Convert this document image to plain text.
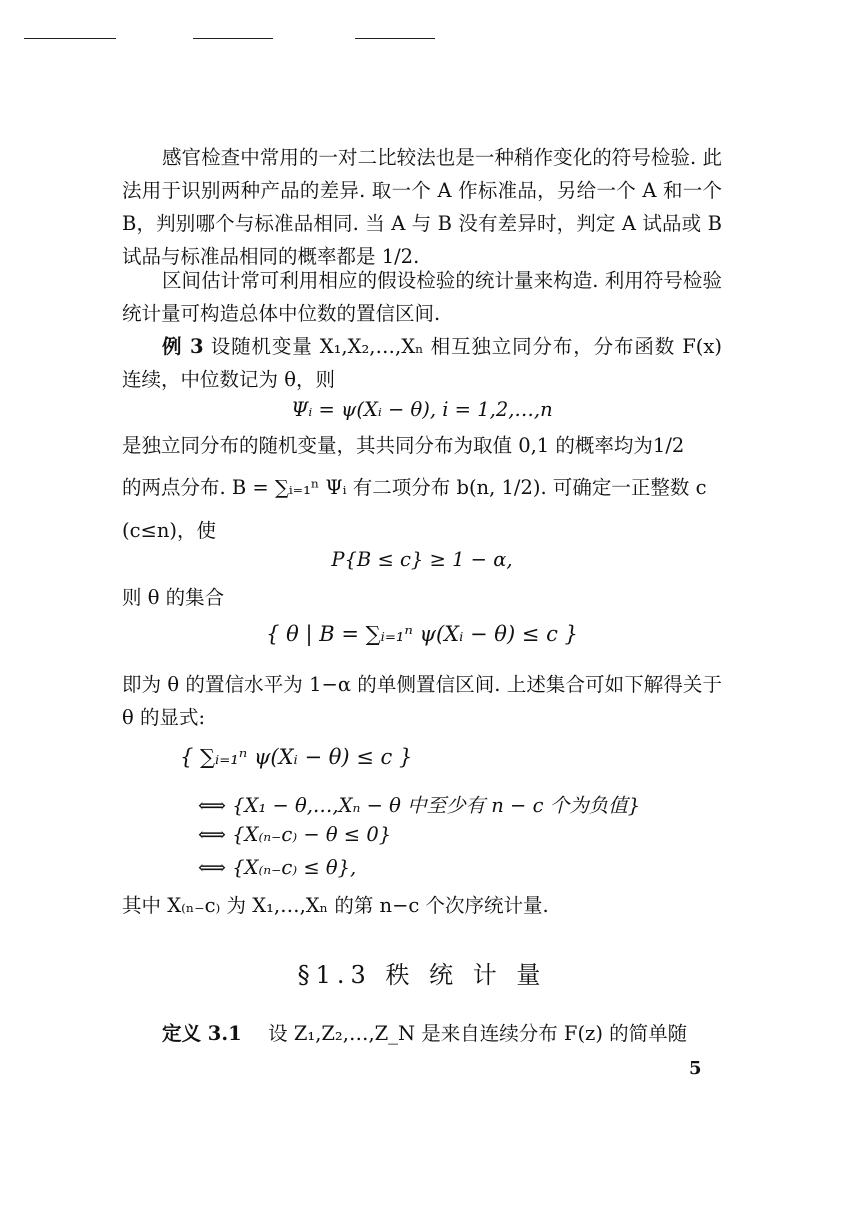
感官检查中常用的一对二比较法也是一种稍作变化的符号检验. 此法用于识别两种产品的差异. 取一个 A 作标准品，另给一个 A 和一个 B，判别哪个与标准品相同. 当 A 与 B 没有差异时，判定 A 试品或 B 试品与标准品相同的概率都是 1/2.
区间估计常可利用相应的假设检验的统计量来构造. 利用符号检验统计量可构造总体中位数的置信区间.
例 3 设随机变量 X₁,X₂,…,Xₙ 相互独立同分布，分布函数 F(x) 连续，中位数记为 θ，则
Ψᵢ = ψ(Xᵢ − θ), i = 1,2,…,n
是独立同分布的随机变量，其共同分布为取值 0,1 的概率均为1/2
的两点分布. B = ∑ᵢ₌₁ⁿ Ψᵢ 有二项分布 b(n, 1/2). 可确定一正整数 c
(c≤n)，使
P{B ≤ c} ≥ 1 − α,
则 θ 的集合
{ θ | B = ∑ᵢ₌₁ⁿ ψ(Xᵢ − θ) ≤ c }
即为 θ 的置信水平为 1−α 的单侧置信区间. 上述集合可如下解得关于 θ 的显式:
{ ∑ᵢ₌₁ⁿ ψ(Xᵢ − θ) ≤ c }
⟺ {X₁ − θ,…,Xₙ − θ 中至少有 n − c 个为负值}
⟺ {X₍ₙ₋c₎ − θ ≤ 0}
⟺ {X₍ₙ₋c₎ ≤ θ},
其中 X₍ₙ₋c₎ 为 X₁,…,Xₙ 的第 n−c 个次序统计量.
§1.3 秩 统 计 量
定义 3.1 设 Z₁,Z₂,…,Z_N 是来自连续分布 F(z) 的简单随
5
